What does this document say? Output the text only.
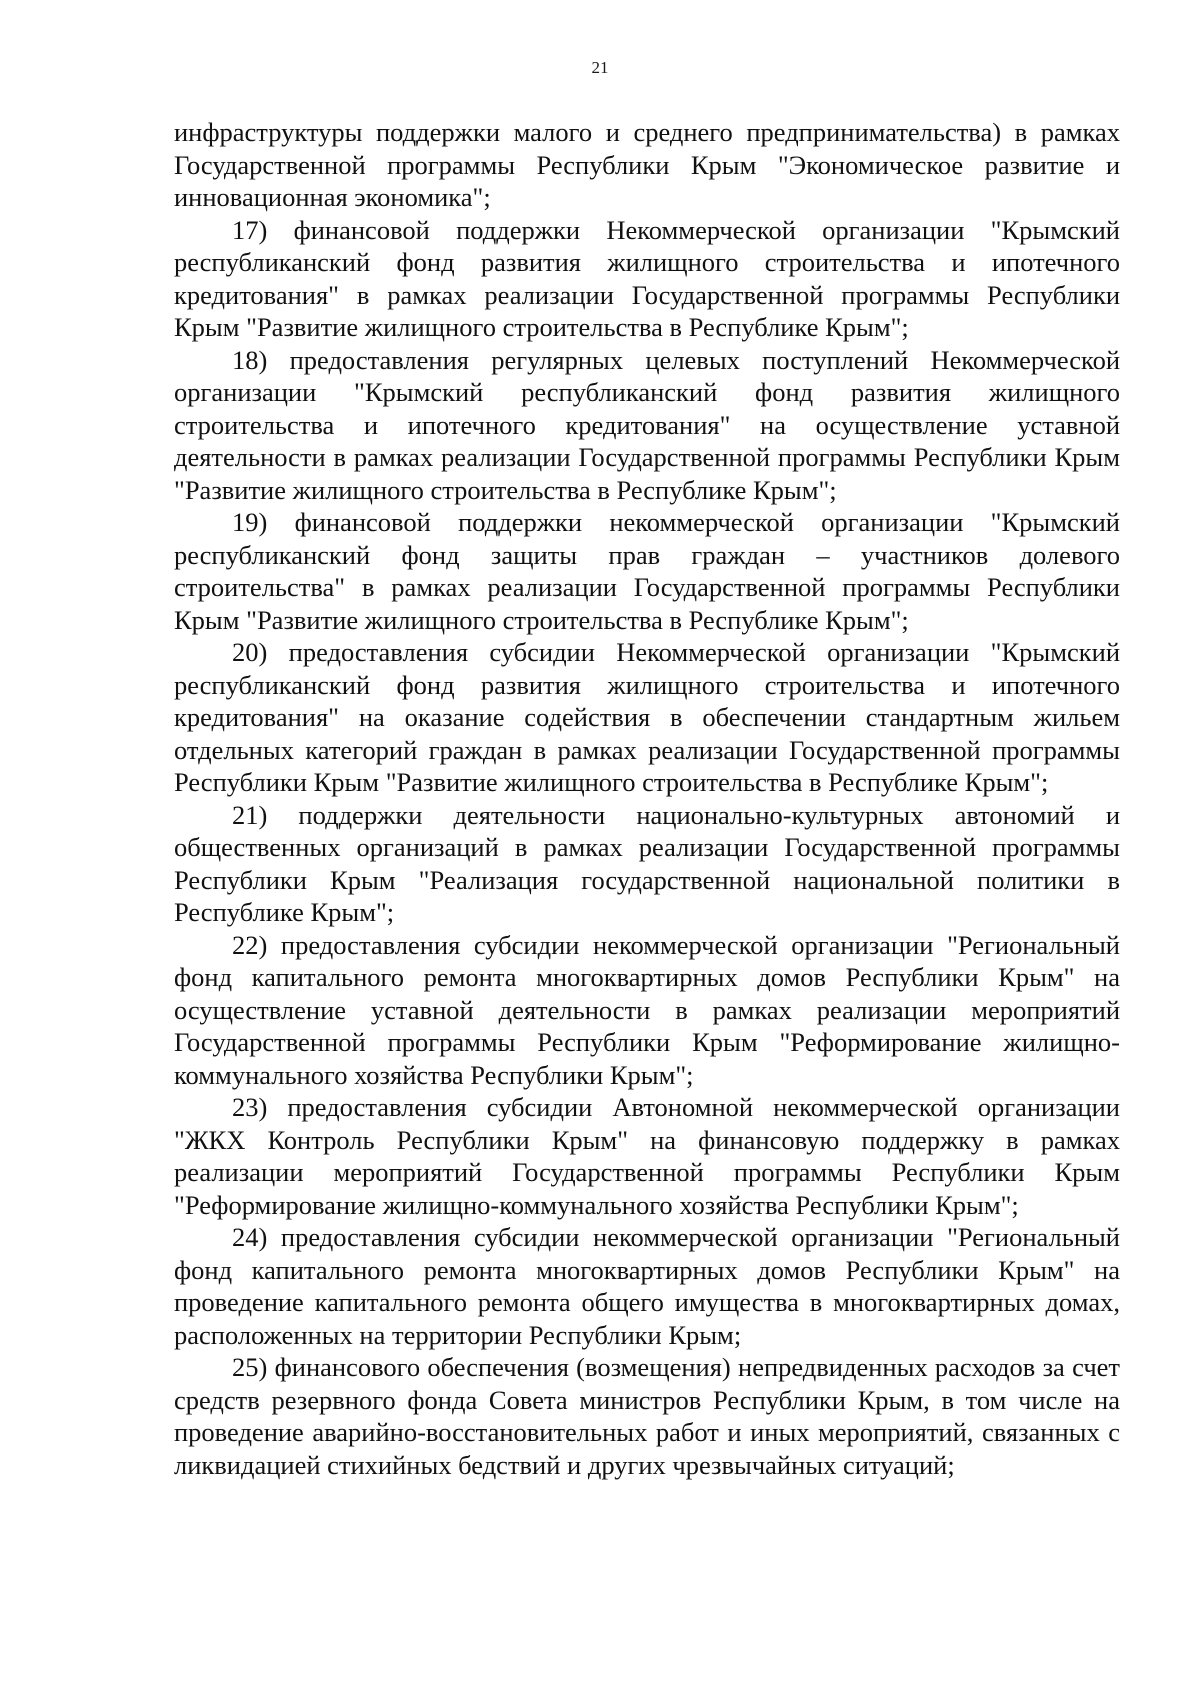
21

инфраструктуры поддержки малого и среднего предпринимательства) в рамках Государственной программы Республики Крым "Экономическое развитие и инновационная экономика";

17) финансовой поддержки Некоммерческой организации "Крымский республиканский фонд развития жилищного строительства и ипотечного кредитования" в рамках реализации Государственной программы Республики Крым "Развитие жилищного строительства в Республике Крым";

18) предоставления регулярных целевых поступлений Некоммерческой организации "Крымский республиканский фонд развития жилищного строительства и ипотечного кредитования" на осуществление уставной деятельности в рамках реализации Государственной программы Республики Крым "Развитие жилищного строительства в Республике Крым";

19) финансовой поддержки некоммерческой организации "Крымский республиканский фонд защиты прав граждан – участников долевого строительства" в рамках реализации Государственной программы Республики Крым "Развитие жилищного строительства в Республике Крым";

20) предоставления субсидии Некоммерческой организации "Крымский республиканский фонд развития жилищного строительства и ипотечного кредитования" на оказание содействия в обеспечении стандартным жильем отдельных категорий граждан в рамках реализации Государственной программы Республики Крым "Развитие жилищного строительства в Республике Крым";

21) поддержки деятельности национально-культурных автономий и общественных организаций в рамках реализации Государственной программы Республики Крым "Реализация государственной национальной политики в Республике Крым";

22) предоставления субсидии некоммерческой организации "Региональный фонд капитального ремонта многоквартирных домов Республики Крым" на осуществление уставной деятельности в рамках реализации мероприятий Государственной программы Республики Крым "Реформирование жилищно-коммунального хозяйства Республики Крым";

23) предоставления субсидии Автономной некоммерческой организации "ЖКХ Контроль Республики Крым" на финансовую поддержку в рамках реализации мероприятий Государственной программы Республики Крым "Реформирование жилищно-коммунального хозяйства Республики Крым";

24) предоставления субсидии некоммерческой организации "Региональный фонд капитального ремонта многоквартирных домов Республики Крым" на проведение капитального ремонта общего имущества в многоквартирных домах, расположенных на территории Республики Крым;

25) финансового обеспечения (возмещения) непредвиденных расходов за счет средств резервного фонда Совета министров Республики Крым, в том числе на проведение аварийно-восстановительных работ и иных мероприятий, связанных с ликвидацией стихийных бедствий и других чрезвычайных ситуаций;
